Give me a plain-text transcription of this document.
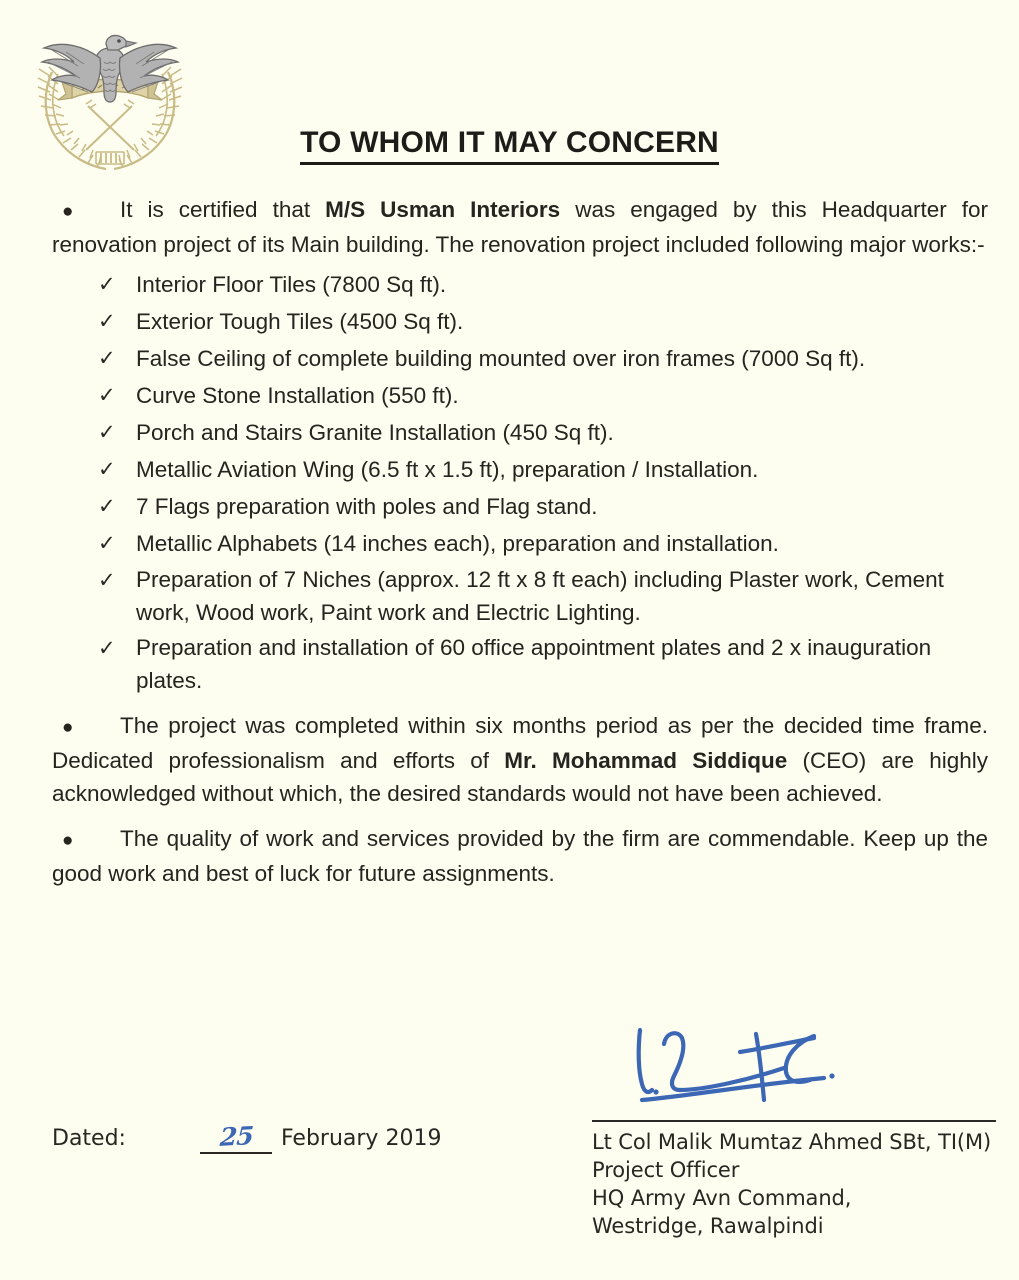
TO WHOM IT MAY CONCERN

● It is certified that M/S Usman Interiors was engaged by this Headquarter for renovation project of its Main building. The renovation project included following major works:-

✓ Interior Floor Tiles (7800 Sq ft).
✓ Exterior Tough Tiles (4500 Sq ft).
✓ False Ceiling of complete building mounted over iron frames (7000 Sq ft).
✓ Curve Stone Installation (550 ft).
✓ Porch and Stairs Granite Installation (450 Sq ft).
✓ Metallic Aviation Wing (6.5 ft x 1.5 ft), preparation / Installation.
✓ 7 Flags preparation with poles and Flag stand.
✓ Metallic Alphabets (14 inches each), preparation and installation.
✓ Preparation of 7 Niches (approx. 12 ft x 8 ft each) including Plaster work, Cement work, Wood work, Paint work and Electric Lighting.
✓ Preparation and installation of 60 office appointment plates and 2 x inauguration plates.

● The project was completed within six months period as per the decided time frame. Dedicated professionalism and efforts of Mr. Mohammad Siddique (CEO) are highly acknowledged without which, the desired standards would not have been achieved.

● The quality of work and services provided by the firm are commendable. Keep up the good work and best of luck for future assignments.

Lt Col Malik Mumtaz Ahmed SBt, TI(M)
Project Officer
HQ Army Avn Command,
Westridge, Rawalpindi
Dated:	25	February 2019
